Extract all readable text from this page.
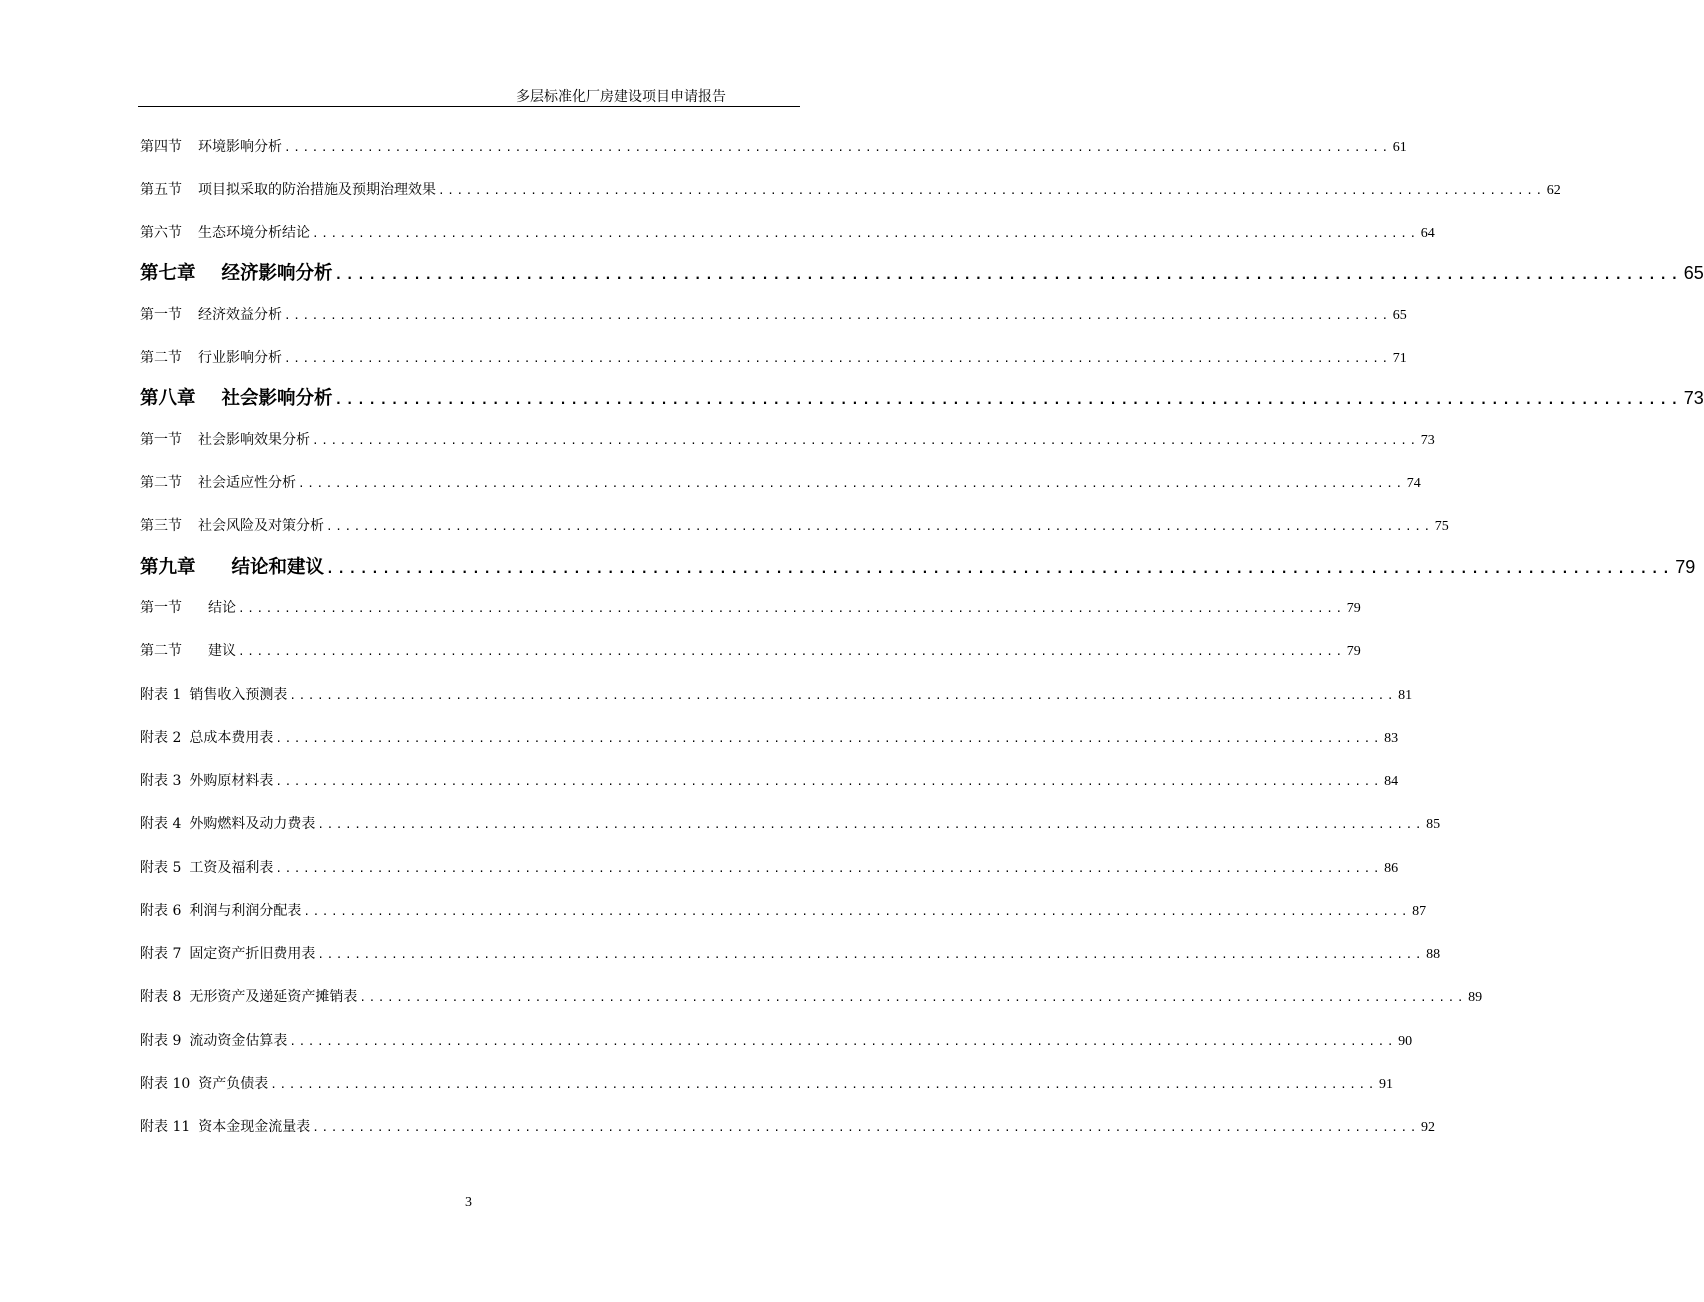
多层标准化厂房建设项目申请报告
第四节 环境影响分析 ........................................................................................................................ 61
第五节 项目拟采取的防治措施及预期治理效果 ........................................................................................................................ 62
第六节 生态环境分析结论 ........................................................................................................................ 64
第七章 经济影响分析 ........................................................................................................................ 65
第一节 经济效益分析 ........................................................................................................................ 65
第二节 行业影响分析 ........................................................................................................................ 71
第八章 社会影响分析 ........................................................................................................................ 73
第一节 社会影响效果分析 ........................................................................................................................ 73
第二节 社会适应性分析 ........................................................................................................................ 74
第三节 社会风险及对策分析 ........................................................................................................................ 75
第九章 结论和建议 ........................................................................................................................ 79
第一节 结论 ........................................................................................................................ 79
第二节 建议 ........................................................................................................................ 79
附表 1 销售收入预测表 ........................................................................................................................ 81
附表 2 总成本费用表 ........................................................................................................................ 83
附表 3 外购原材料表 ........................................................................................................................ 84
附表 4 外购燃料及动力费表 ........................................................................................................................ 85
附表 5 工资及福利表 ........................................................................................................................ 86
附表 6 利润与利润分配表 ........................................................................................................................ 87
附表 7 固定资产折旧费用表 ........................................................................................................................ 88
附表 8 无形资产及递延资产摊销表 ........................................................................................................................ 89
附表 9 流动资金估算表 ........................................................................................................................ 90
附表 10 资产负债表 ........................................................................................................................ 91
附表 11 资本金现金流量表 ........................................................................................................................ 92
3
